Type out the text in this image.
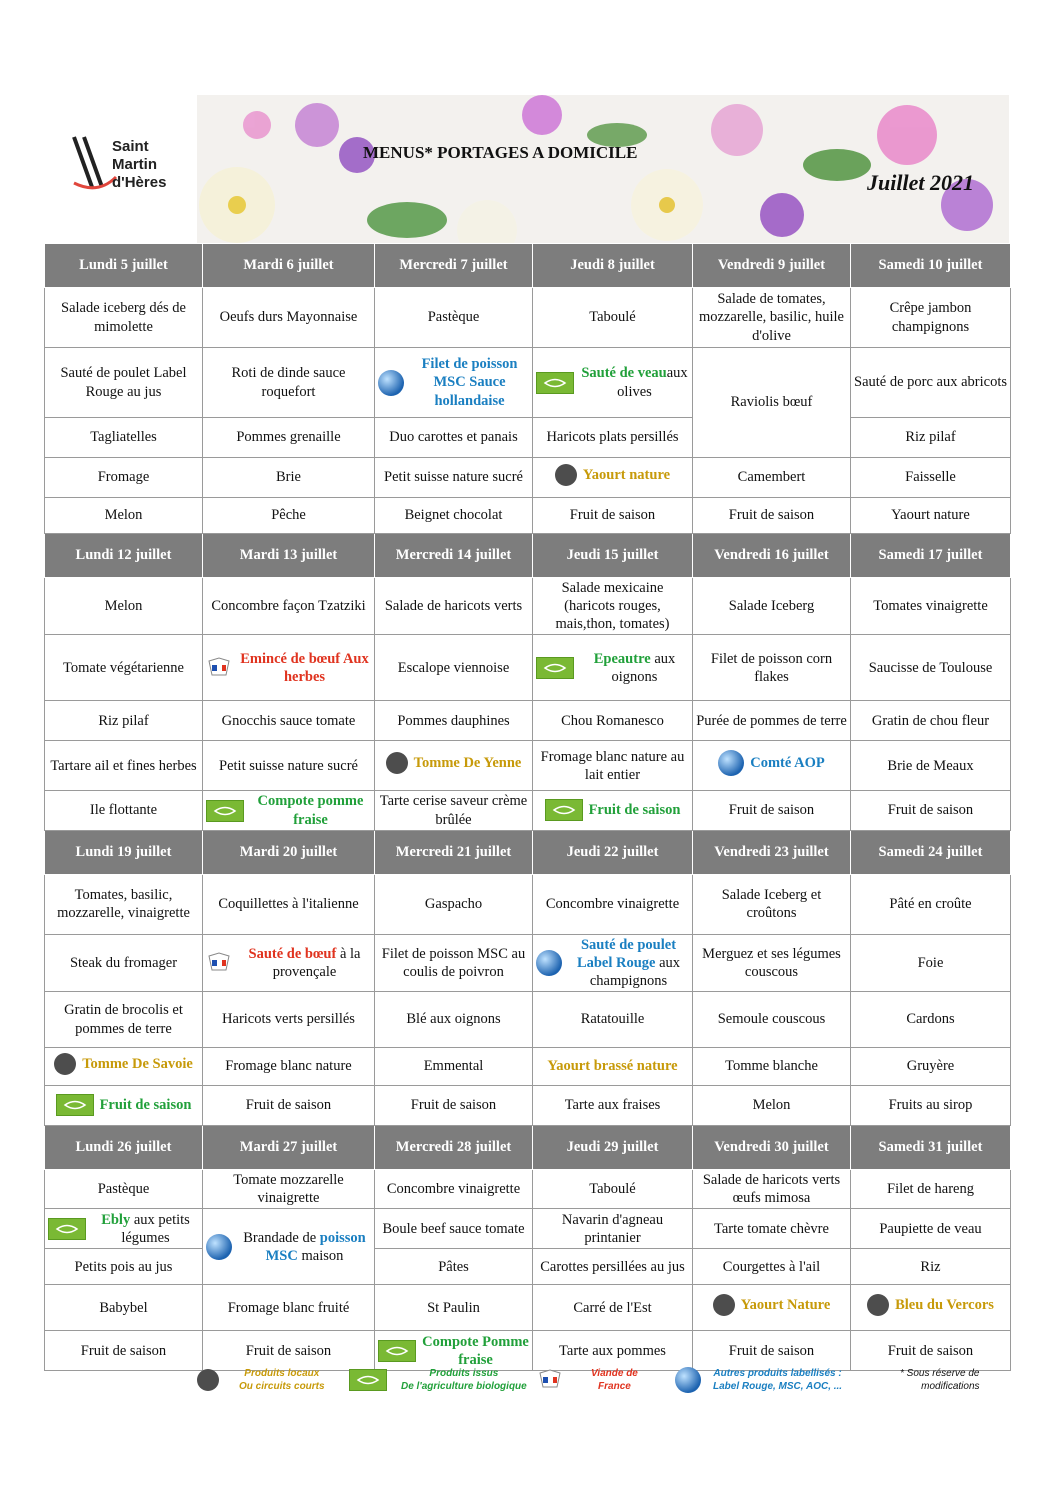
Saint
Martin
d'Hères
MENUS* PORTAGES A DOMICILE
Juillet 2021
Lundi 5 juillet	Mardi 6 juillet	Mercredi 7 juillet	Jeudi 8 juillet	Vendredi 9 juillet	Samedi 10 juillet
Salade iceberg dés de mimolette	Oeufs durs Mayonnaise	Pastèque	Taboulé	Salade de tomates, mozzarelle, basilic, huile d'olive	Crêpe jambon champignons
Sauté de poulet Label Rouge au jus	Roti de dinde sauce roquefort	Filet de poisson MSC Sauce hollandaise	Sauté de veauaux olives	Raviolis bœuf	Sauté de porc aux abricots
Tagliatelles	Pommes grenaille	Duo carottes et panais	Haricots plats persillés		Riz pilaf
Fromage	Brie	Petit suisse nature sucré	Yaourt nature	Camembert	Faisselle
Melon	Pêche	Beignet chocolat	Fruit de saison	Fruit de saison	Yaourt nature
Lundi 12 juillet	Mardi 13 juillet	Mercredi 14 juillet	Jeudi 15 juillet	Vendredi 16 juillet	Samedi 17 juillet
Melon	Concombre façon Tzatziki	Salade de haricots verts	Salade mexicaine (haricots rouges, mais,thon, tomates)	Salade Iceberg	Tomates vinaigrette
Tomate végétarienne	Emincé de bœuf Aux herbes	Escalope viennoise	Epeautre aux oignons	Filet de poisson corn flakes	Saucisse de Toulouse
Riz pilaf	Gnocchis sauce tomate	Pommes dauphines	Chou Romanesco	Purée de pommes de terre	Gratin de chou fleur
Tartare ail et fines herbes	Petit suisse nature sucré	Tomme De Yenne	Fromage blanc nature au lait entier	Comté AOP	Brie de Meaux
Ile flottante	Compote pomme fraise	Tarte cerise saveur crème brûlée	Fruit de saison	Fruit de saison	Fruit de saison
Lundi 19 juillet	Mardi 20 juillet	Mercredi 21 juillet	Jeudi 22 juillet	Vendredi 23 juillet	Samedi 24 juillet
Tomates, basilic, mozzarelle, vinaigrette	Coquillettes à l'italienne	Gaspacho	Concombre vinaigrette	Salade Iceberg et croûtons	Pâté en croûte
Steak du fromager	Sauté de bœuf à la provençale	Filet de poisson MSC au coulis de poivron	Sauté de poulet Label Rouge aux champignons	Merguez et ses légumes couscous	Foie
Gratin de brocolis et pommes de terre	Haricots verts persillés	Blé aux oignons	Ratatouille	Semoule couscous	Cardons

Tomme De Savoie	Fromage blanc nature	Emmental	Yaourt brassé nature	Tomme blanche	Gruyère

Fruit de saison	Fruit de saison	Fruit de saison	Tarte aux fraises	Melon	Fruits au sirop
Lundi 26 juillet	Mardi 27 juillet	Mercredi 28 juillet	Jeudi 29 juillet	Vendredi 30 juillet	Samedi 31 juillet
Pastèque	Tomate mozzarelle vinaigrette	Concombre vinaigrette	Taboulé	Salade de haricots verts œufs mimosa	Filet de hareng

Ebly aux petits légumes	Brandade de poisson MSC maison	Boule beef sauce tomate	Navarin d'agneau printanier	Tarte tomate chèvre	Paupiette de veau
Petits pois au jus		Pâtes	Carottes persillées au jus	Courgettes à l'ail	Riz
Babybel	Fromage blanc fruité	St Paulin	Carré de l'Est	Yaourt Nature	Bleu du Vercors

Fruit de saison	Fruit de saison	Compote Pomme fraise	Tarte aux pommes	Fruit de saison	Fruit de saison
Produits locaux
Ou circuits courts
Produits issus
De l'agriculture biologique
Viande de
France
Autres produits labellisés :
Label Rouge, MSC, AOC, ...
* Sous réserve de
modifications
